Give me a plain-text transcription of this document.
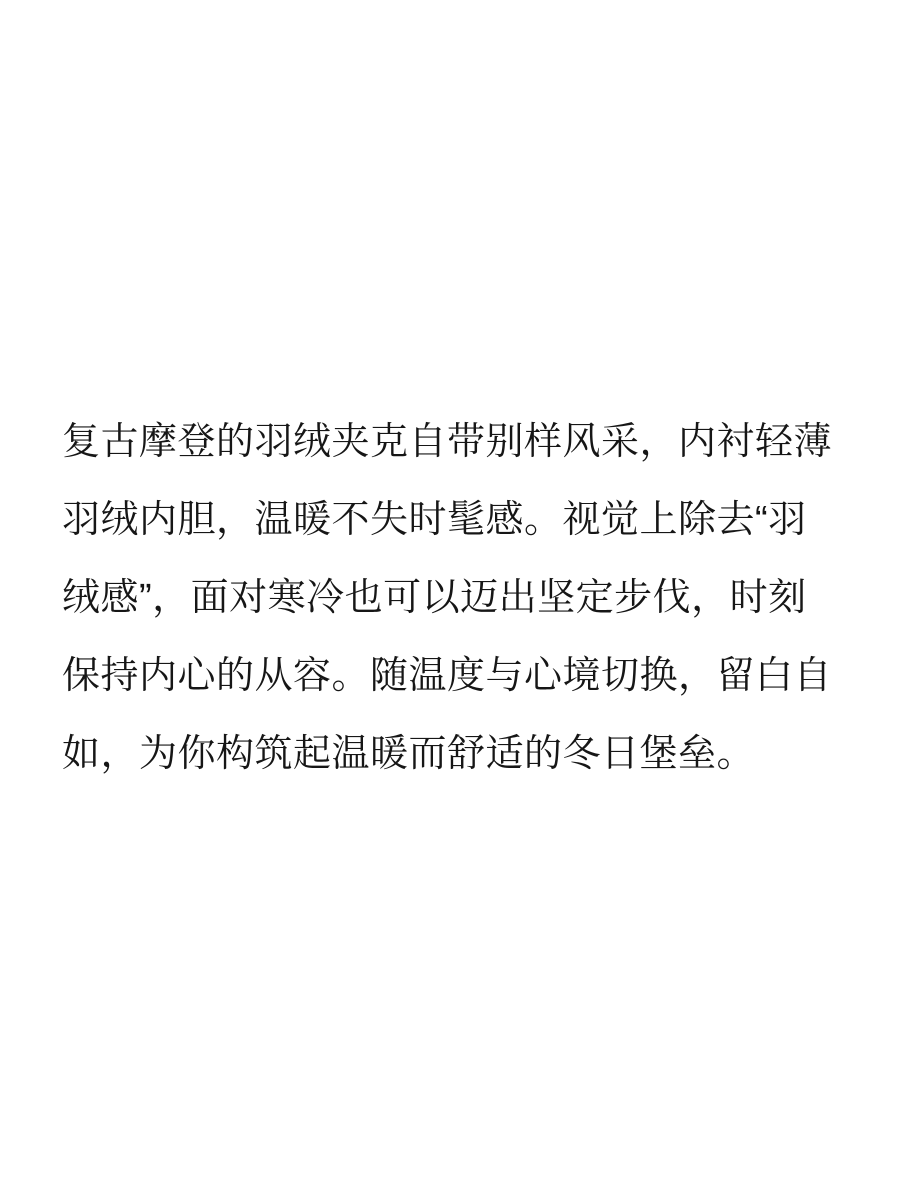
复古摩登的羽绒夹克自带别样风采，内衬轻薄
羽绒内胆，温暖不失时髦感。视觉上除去“羽
绒感”，面对寒冷也可以迈出坚定步伐，时刻
保持内心的从容。随温度与心境切换，留白自
如，为你构筑起温暖而舒适的冬日堡垒。
